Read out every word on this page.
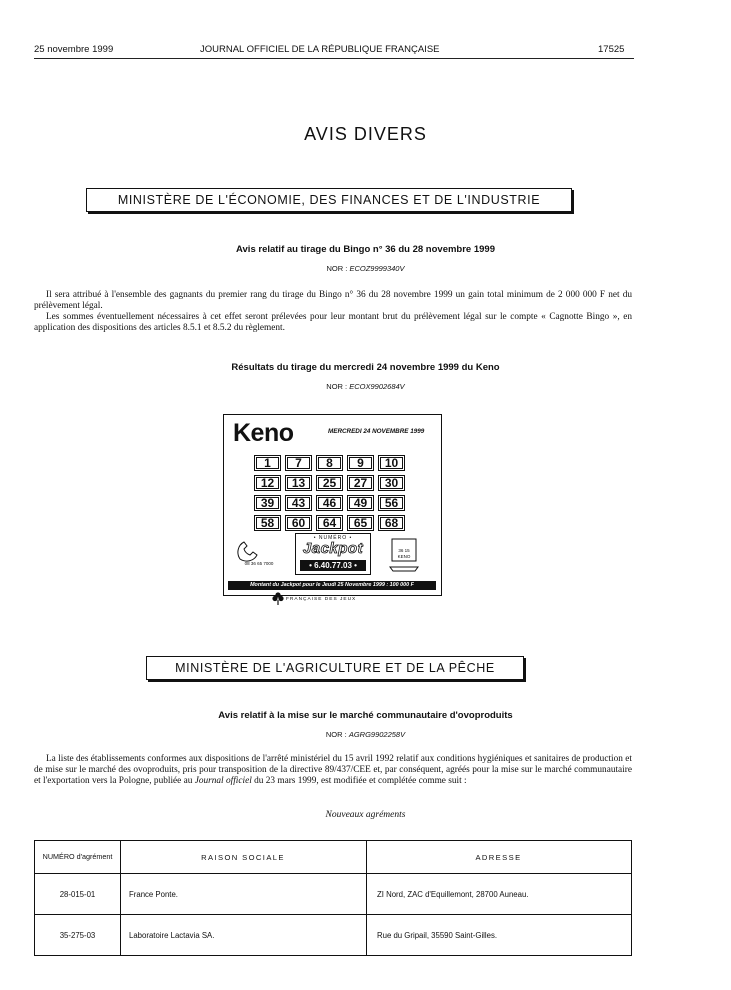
25 novembre 1999	JOURNAL OFFICIEL DE LA RÉPUBLIQUE FRANÇAISE	17525
AVIS DIVERS
MINISTÈRE DE L'ÉCONOMIE, DES FINANCES ET DE L'INDUSTRIE
Avis relatif au tirage du Bingo n° 36 du 28 novembre 1999
NOR : ECOZ9999340V
Il sera attribué à l'ensemble des gagnants du premier rang du tirage du Bingo n° 36 du 28 novembre 1999 un gain total minimum de 2 000 000 F net du prélèvement légal.
Les sommes éventuellement nécessaires à cet effet seront prélevées pour leur montant brut du prélèvement légal sur le compte « Cagnotte Bingo », en application des dispositions des articles 8.5.1 et 8.5.2 du règlement.
Résultats du tirage du mercredi 24 novembre 1999 du Keno
NOR : ECOX9902684V
Keno	MERCREDI 24 NOVEMBRE 1999
1	7	8	9	10
12	13	25	27	30
39	43	46	49	56
58	60	64	65	68
08 36 65 7000
• NUMÉRO •
Jackpot
• 6.40.77.03 •
36 15 KENO
Montant du Jackpot pour le Jeudi 25 Novembre 1999 : 100 000 F
FRANÇAISE DES JEUX
MINISTÈRE DE L'AGRICULTURE ET DE LA PÊCHE
Avis relatif à la mise sur le marché communautaire d'ovoproduits
NOR : AGRG9902258V
La liste des établissements conformes aux dispositions de l'arrêté ministériel du 15 avril 1992 relatif aux conditions hygiéniques et sanitaires de production et de mise sur le marché des ovoproduits, pris pour transposition de la directive 89/437/CEE et, par conséquent, agréés pour la mise sur le marché communautaire et l'exportation vers la Pologne, publiée au Journal officiel du 23 mars 1999, est modifiée et complétée comme suit :
Nouveaux agréments
NUMÉRO d'agrément	RAISON SOCIALE	ADRESSE
28-015-01	France Ponte.	ZI Nord, ZAC d'Equillemont, 28700 Auneau.
35-275-03	Laboratoire Lactavia SA.	Rue du Gripail, 35590 Saint-Gilles.
